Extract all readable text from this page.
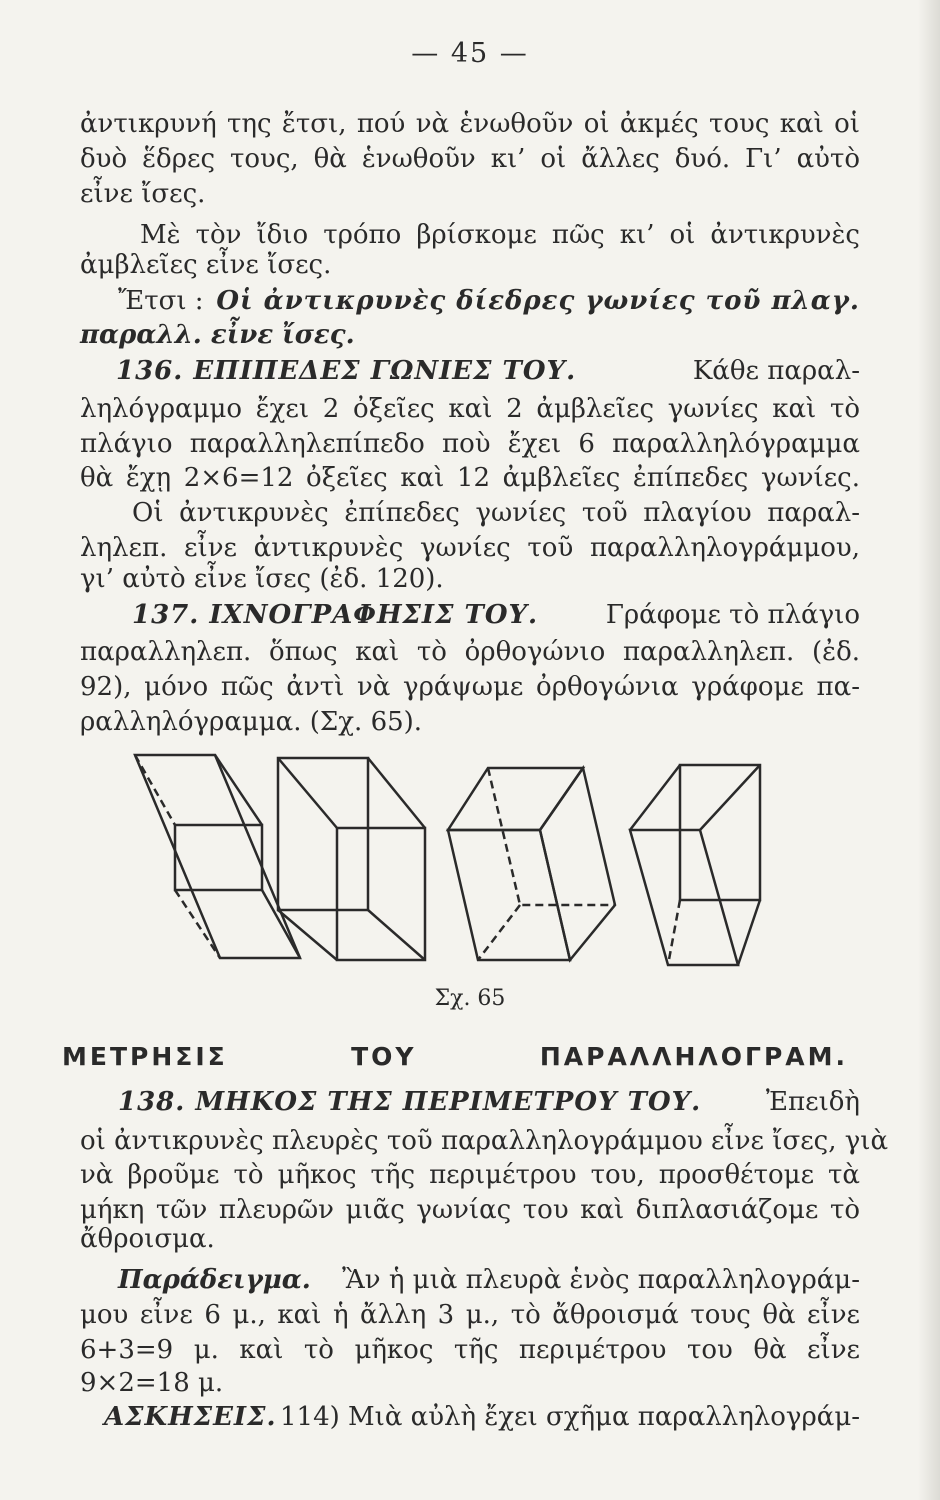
— 45 —
ἀντικρυνή της ἔτσι, πού νὰ ἑνωθοῦν οἱ ἀκμές τους καὶ οἱ
δυὸ ἕδρες τους, θὰ ἑνωθοῦν κι’ οἱ ἄλλες δυό. Γι’ αὐτὸ
εἶνε ἴσες.
Μὲ τὸν ἴδιο τρόπο βρίσκομε πῶς κι’ οἱ ἀντικρυνὲς
ἀμβλεῖες εἶνε ἴσες.
Ἔτσι : Οἱ ἀντικρυνὲς δίεδρες γωνίες τοῦ πλαγ.
παραλλ. εἶνε ἴσες.
136. ΕΠΙΠΕΔΕΣ ΓΩΝΙΕΣ ΤΟΥ.	Κάθε παραλ-
ληλόγραμμο ἔχει 2 ὀξεῖες καὶ 2 ἀμβλεῖες γωνίες καὶ τὸ
πλάγιο παραλληλεπίπεδο ποὺ ἔχει 6 παραλληλόγραμμα
θὰ ἔχῃ 2×6=12 ὀξεῖες καὶ 12 ἀμβλεῖες ἐπίπεδες γωνίες.
Οἱ ἀντικρυνὲς ἐπίπεδες γωνίες τοῦ πλαγίου παραλ-
ληλεπ. εἶνε ἀντικρυνὲς γωνίες τοῦ παραλληλογράμμου,
γι’ αὐτὸ εἶνε ἴσες (ἐδ. 120).
137. ΙΧΝΟΓΡΑΦΗΣΙΣ ΤΟΥ.	Γράφομε τὸ πλάγιο
παραλληλεπ. ὅπως καὶ τὸ ὀρθογώνιο παραλληλεπ. (ἐδ.
92), μόνο πῶς ἀντὶ νὰ γράψωμε ὀρθογώνια γράφομε πα-
ραλληλόγραμμα. (Σχ. 65).
Σχ. 65
ΜΕΤΡΗΣΙΣ ΤΟΥ ΠΑΡΑΛΛΗΛΟΓΡΑΜ.
138. ΜΗΚΟΣ ΤΗΣ ΠΕΡΙΜΕΤΡΟΥ ΤΟΥ. Ἐπειδὴ
οἱ ἀντικρυνὲς πλευρὲς τοῦ παραλληλογράμμου εἶνε ἴσες, γιὰ
νὰ βροῦμε τὸ μῆκος τῆς περιμέτρου του, προσθέτομε τὰ
μήκη τῶν πλευρῶν μιᾶς γωνίας του καὶ διπλασιάζομε τὸ
ἄθροισμα.
Παράδειγμα. Ἂν ἡ μιὰ πλευρὰ ἑνὸς παραλληλογράμ-
μου εἶνε 6 μ., καὶ ἡ ἄλλη 3 μ., τὸ ἄθροισμά τους θὰ εἶνε
6+3=9 μ. καὶ τὸ μῆκος τῆς περιμέτρου του θὰ εἶνε
9×2=18 μ.
ΑΣΚΗΣΕΙΣ. 114) Μιὰ αὐλὴ ἔχει σχῆμα παραλληλογράμ-
